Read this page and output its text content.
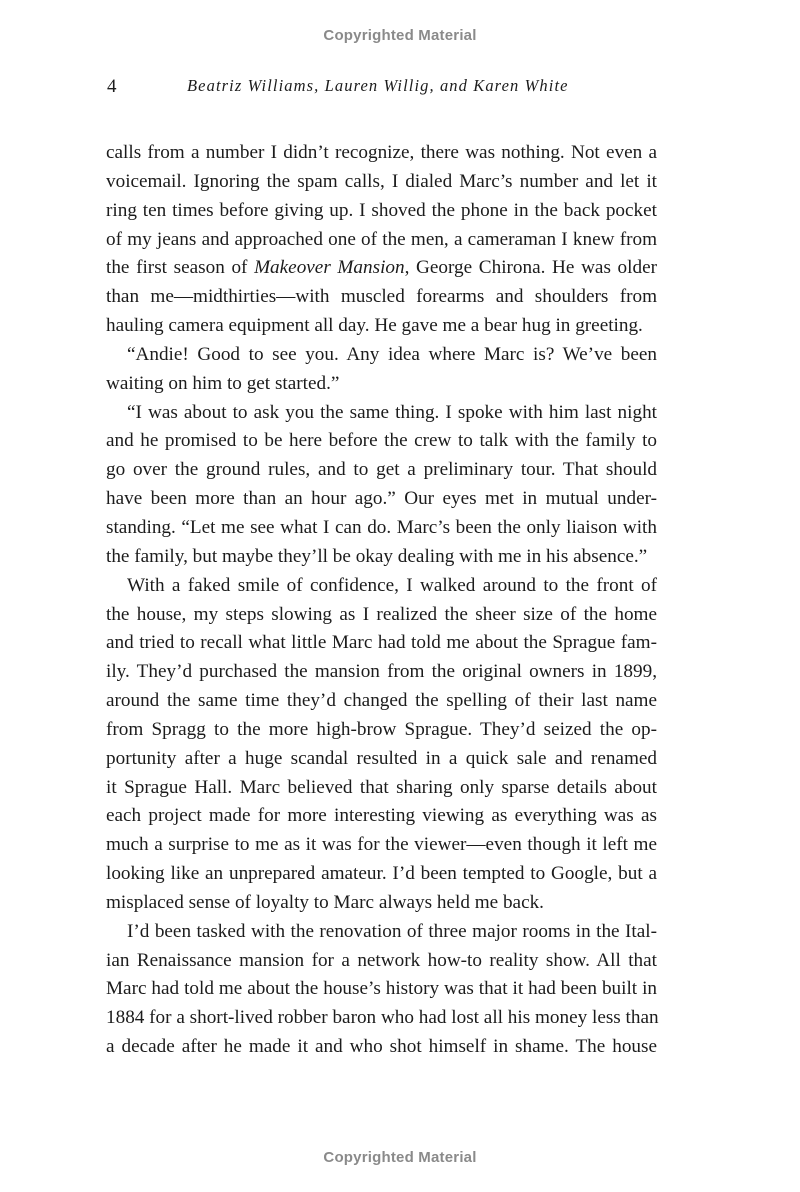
Copyrighted Material
4	Beatriz Williams, Lauren Willig, and Karen White
calls from a number I didn’t recognize, there was nothing. Not even a
voicemail. Ignoring the spam calls, I dialed Marc’s number and let it
ring ten times before giving up. I shoved the phone in the back pocket
of my jeans and approached one of the men, a cameraman I knew from
the first season of Makeover Mansion, George Chirona. He was older
than me—midthirties—with muscled forearms and shoulders from
hauling camera equipment all day. He gave me a bear hug in greeting.
“Andie! Good to see you. Any idea where Marc is? We’ve been
waiting on him to get started.”
“I was about to ask you the same thing. I spoke with him last night
and he promised to be here before the crew to talk with the family to
go over the ground rules, and to get a preliminary tour. That should
have been more than an hour ago.” Our eyes met in mutual under-
standing. “Let me see what I can do. Marc’s been the only liaison with
the family, but maybe they’ll be okay dealing with me in his absence.”
With a faked smile of confidence, I walked around to the front of
the house, my steps slowing as I realized the sheer size of the home
and tried to recall what little Marc had told me about the Sprague fam-
ily. They’d purchased the mansion from the original owners in 1899,
around the same time they’d changed the spelling of their last name
from Spragg to the more high-brow Sprague. They’d seized the op-
portunity after a huge scandal resulted in a quick sale and renamed
it Sprague Hall. Marc believed that sharing only sparse details about
each project made for more interesting viewing as everything was as
much a surprise to me as it was for the viewer—even though it left me
looking like an unprepared amateur. I’d been tempted to Google, but a
misplaced sense of loyalty to Marc always held me back.
I’d been tasked with the renovation of three major rooms in the Ital-
ian Renaissance mansion for a network how-to reality show. All that
Marc had told me about the house’s history was that it had been built in
1884 for a short-lived robber baron who had lost all his money less than
a decade after he made it and who shot himself in shame. The house
Copyrighted Material
